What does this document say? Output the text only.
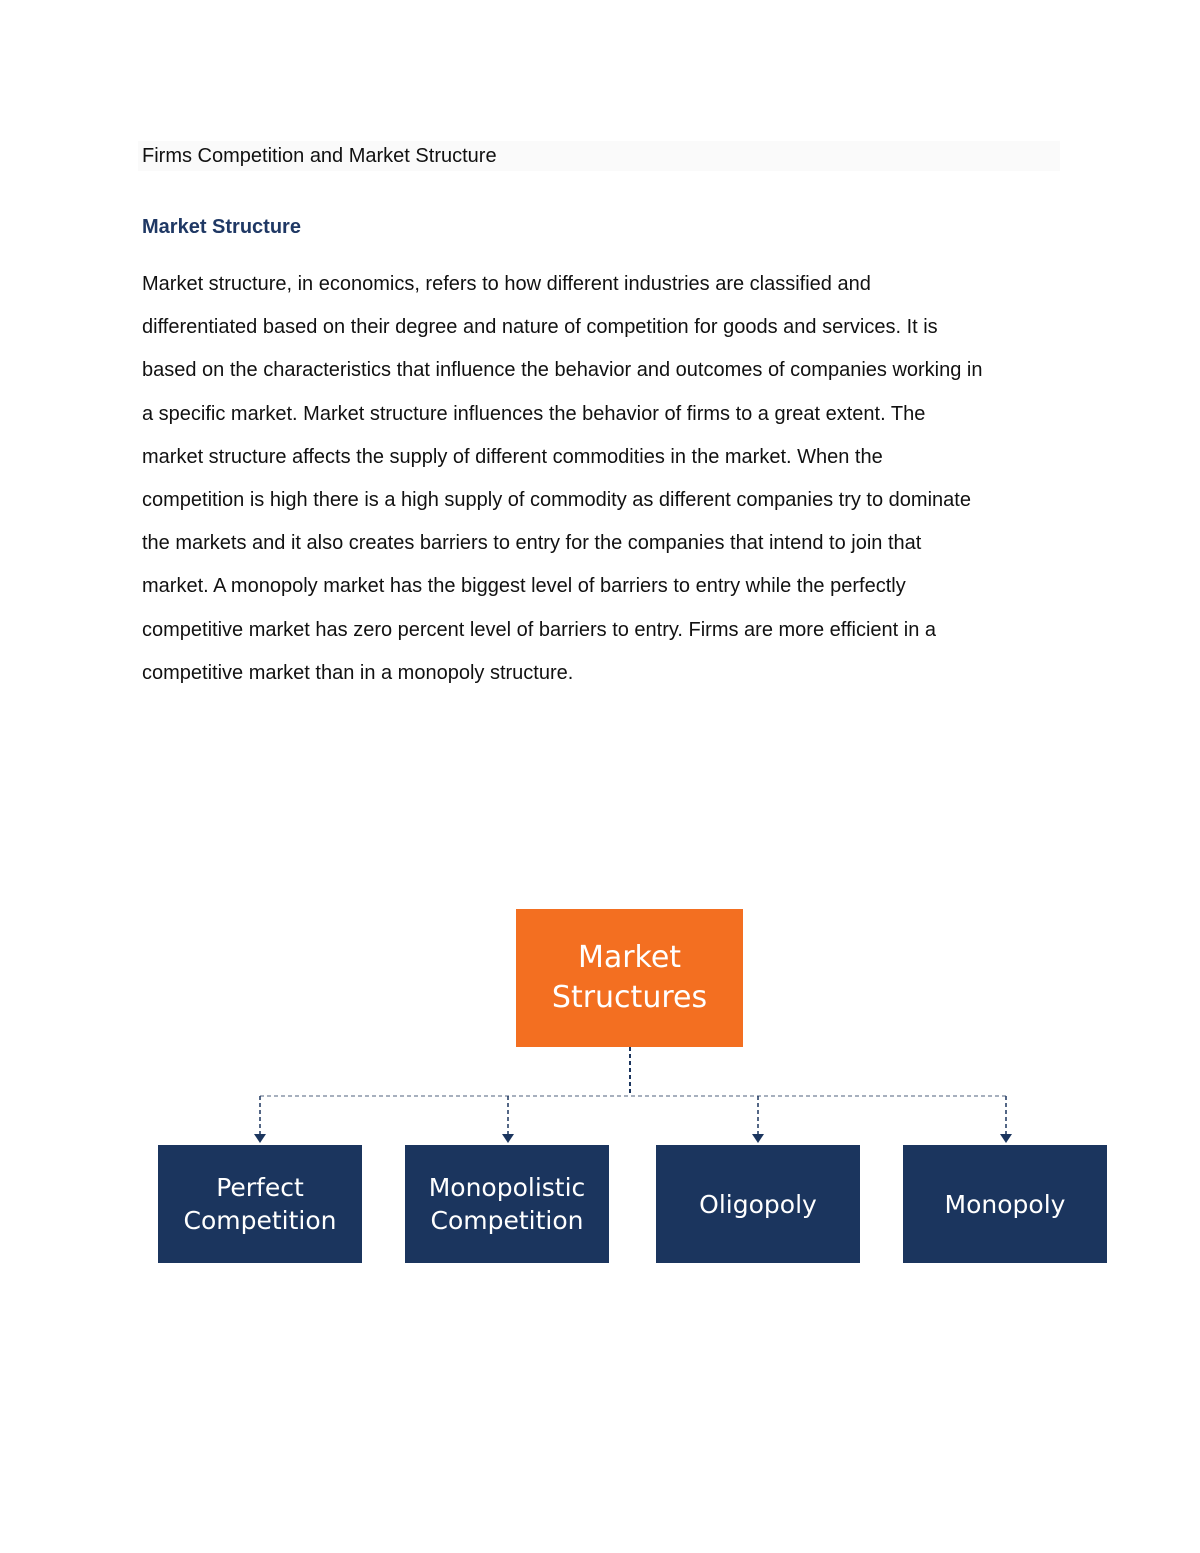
Firms Competition and Market Structure
Market Structure
Market structure, in economics, refers to how different industries are classified and
differentiated based on their degree and nature of competition for goods and services. It is
based on the characteristics that influence the behavior and outcomes of companies working in
a specific market. Market structure influences the behavior of firms to a great extent. The
market structure affects the supply of different commodities in the market. When the
competition is high there is a high supply of commodity as different companies try to dominate
the markets and it also creates barriers to entry for the companies that intend to join that
market. A monopoly market has the biggest level of barriers to entry while the perfectly
competitive market has zero percent level of barriers to entry. Firms are more efficient in a
competitive market than in a monopoly structure.
Market
Structures
Perfect
Competition
Monopolistic
Competition
Oligopoly	Monopoly
